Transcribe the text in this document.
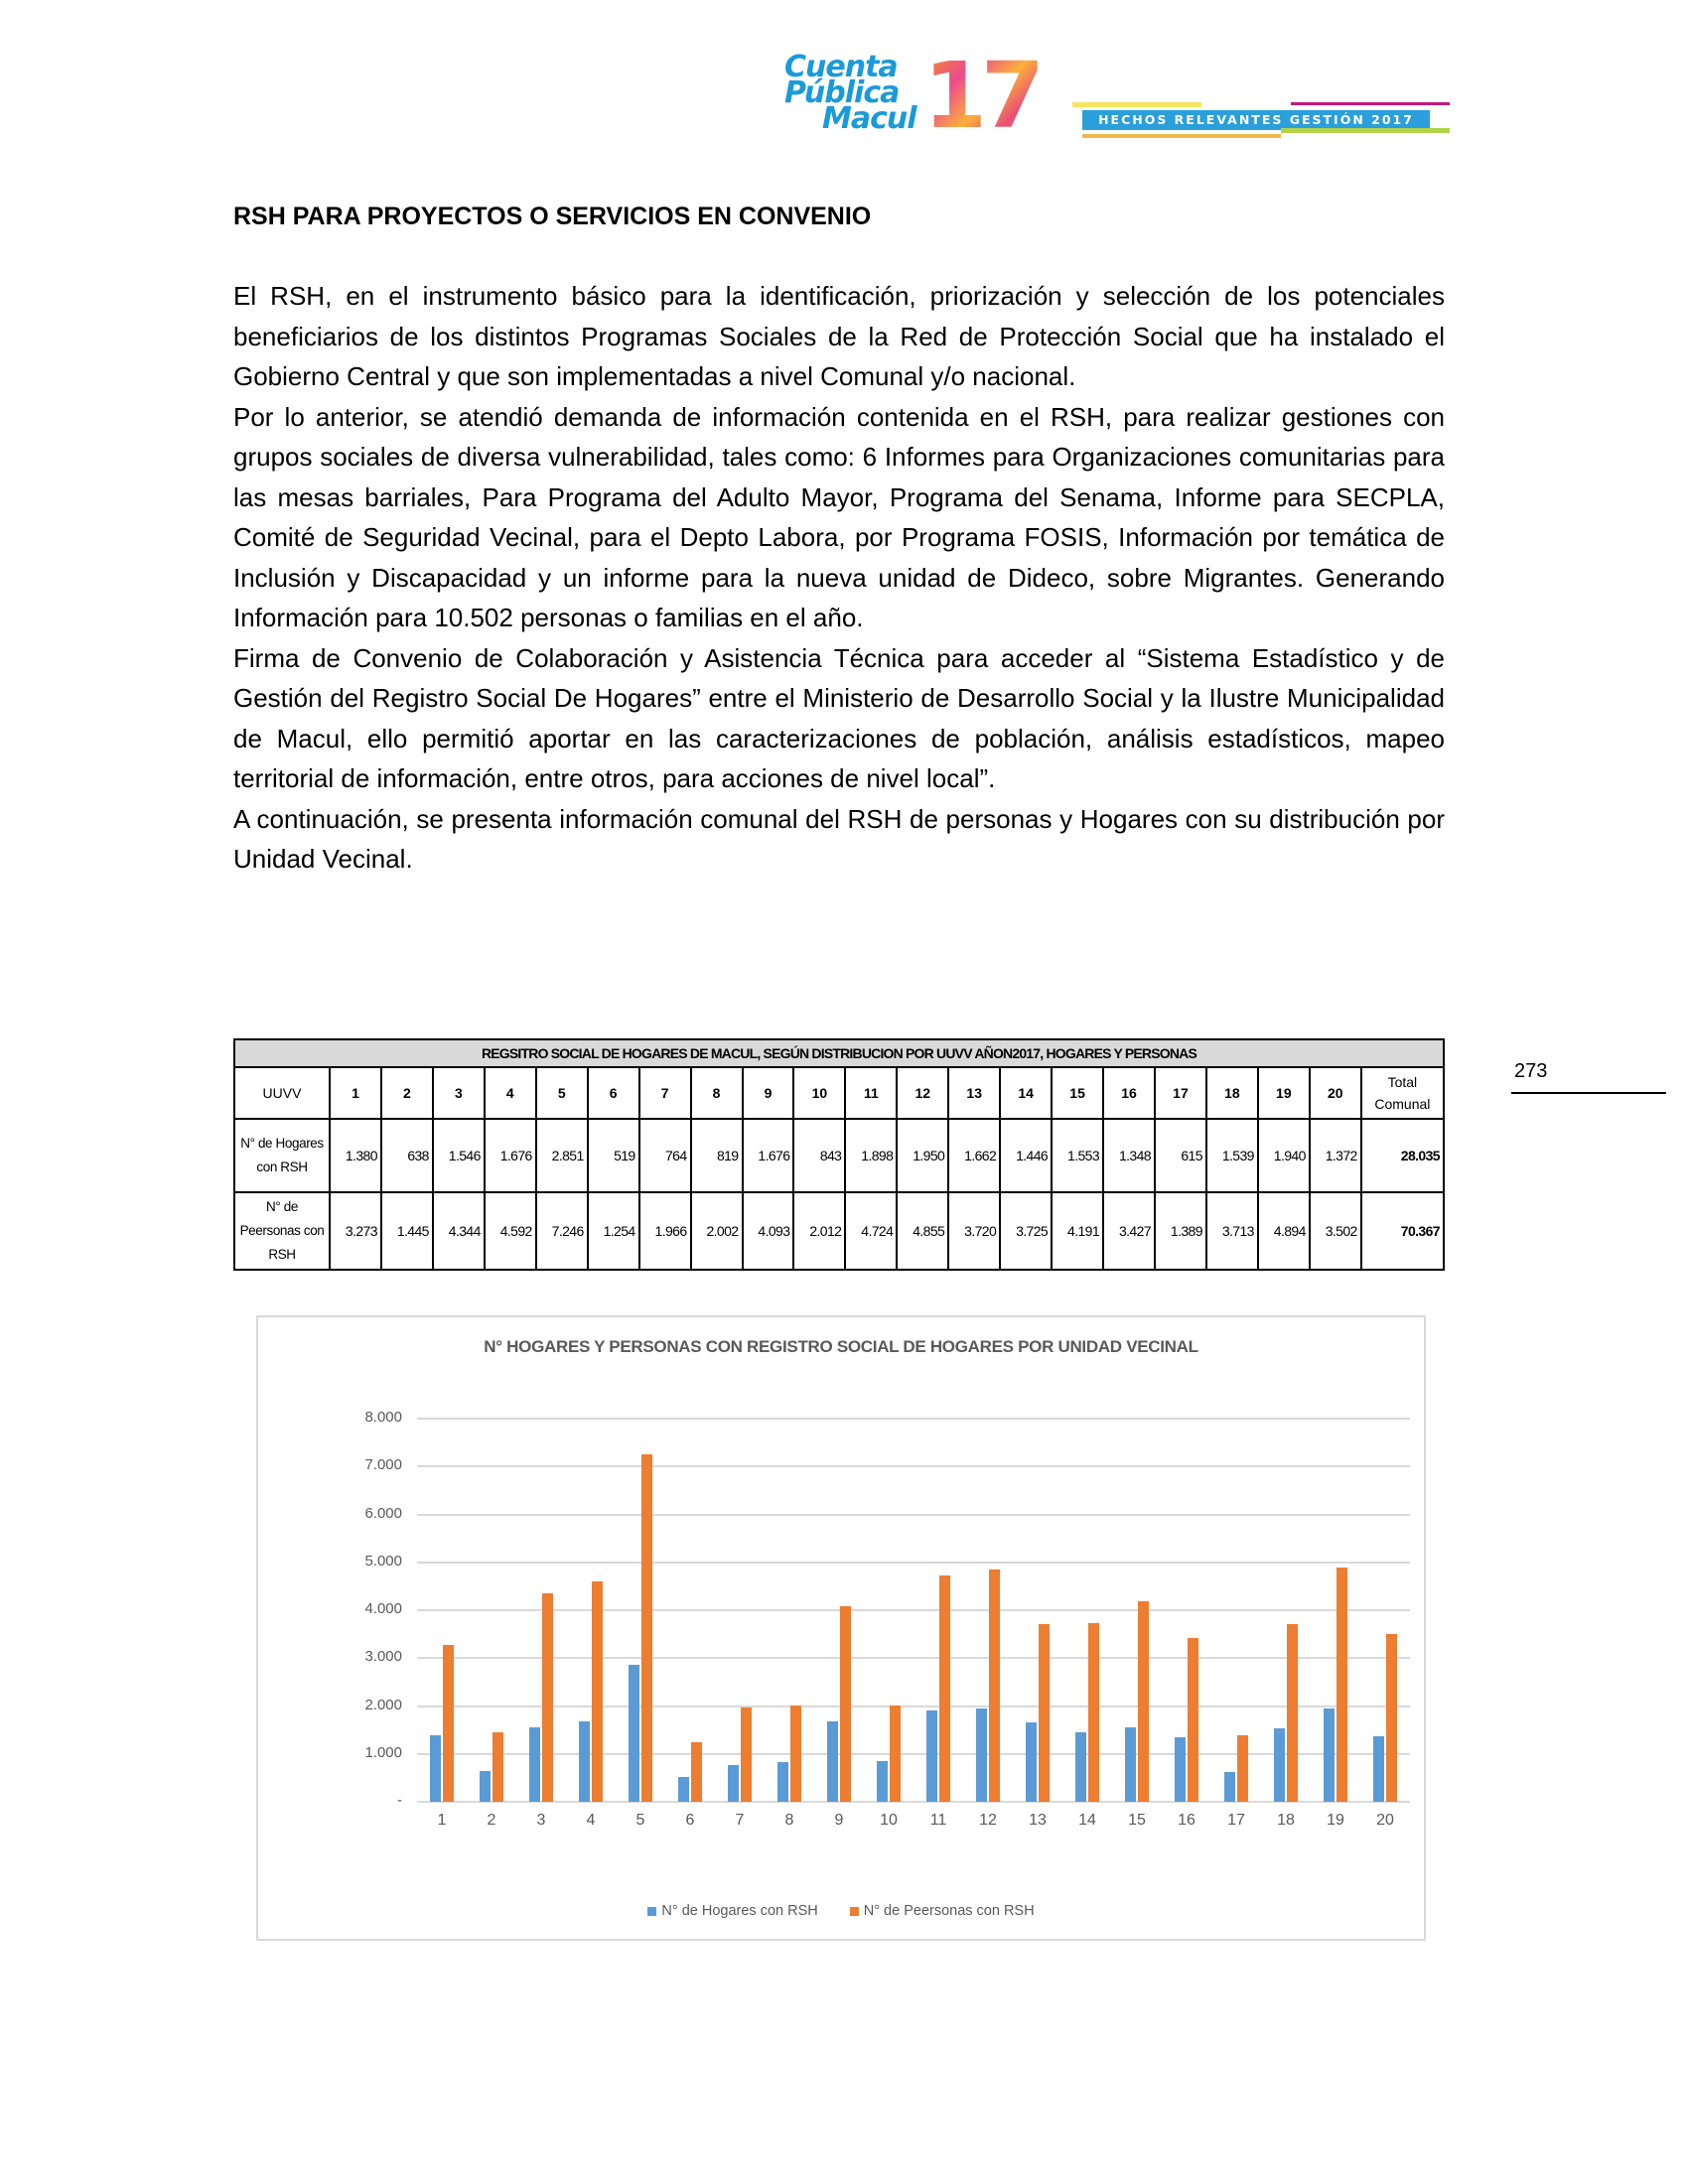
Cuenta
Pública
Macul 17	HECHOS RELEVANTES GESTIÓN 2017
RSH PARA PROYECTOS O SERVICIOS EN CONVENIO

El RSH, en el instrumento básico para la identificación, priorización y selección de los potenciales beneficiarios de los distintos Programas Sociales de la Red de Protección Social que ha instalado el Gobierno Central y que son implementadas a nivel Comunal y/o nacional.

Por lo anterior, se atendió demanda de información contenida en el RSH, para realizar gestiones con grupos sociales de diversa vulnerabilidad, tales como: 6 Informes para Organizaciones comunitarias para las mesas barriales, Para Programa del Adulto Mayor, Programa del Senama, Informe para SECPLA, Comité de Seguridad Vecinal, para el Depto Labora, por Programa FOSIS, Información por temática de Inclusión y Discapacidad y un informe para la nueva unidad de Dideco, sobre Migrantes. Generando Información para 10.502 personas o familias en el año.

Firma de Convenio de Colaboración y Asistencia Técnica para acceder al “Sistema Estadístico y de Gestión del Registro Social De Hogares” entre el Ministerio de Desarrollo Social y la Ilustre Municipalidad de Macul, ello permitió aportar en las caracterizaciones de población, análisis estadísticos, mapeo territorial de información, entre otros, para acciones de nivel local”.

A continuación, se presenta información comunal del RSH de personas y Hogares con su distribución por Unidad Vecinal.

273
REGSITRO SOCIAL DE HOGARES DE MACUL, SEGÚN DISTRIBUCION POR UUVV AÑON2017, HOGARES Y PERSONAS																					
UUVV	1	2	3	4	5	6	7	8	9	10	11	12	13	14	15	16	17	18	19	20	Total
Comunal

N° de Hogares
con RSH	1.380	638	1.546	1.676	2.851	519	764	819	1.676	843	1.898	1.950	1.662	1.446	1.553	1.348	615	1.539	1.940	1.372	28.035

N° de
Peersonas con
RSH	3.273	1.445	4.344	4.592	7.246	1.254	1.966	2.002	4.093	2.012	4.724	4.855	3.720	3.725	4.191	3.427	1.389	3.713	4.894	3.502	70.367
N° HOGARES Y PERSONAS CON REGISTRO SOCIAL DE HOGARES POR UNIDAD VECINAL
-
1.000
2.000
3.000
4.000
5.000
6.000
7.000
8.000
1	2	3	4	5	6	7	8	9	10	11	12	13	14	15	16	17	18	19	20
N° de Hogares con RSH	N° de Peersonas con RSH
